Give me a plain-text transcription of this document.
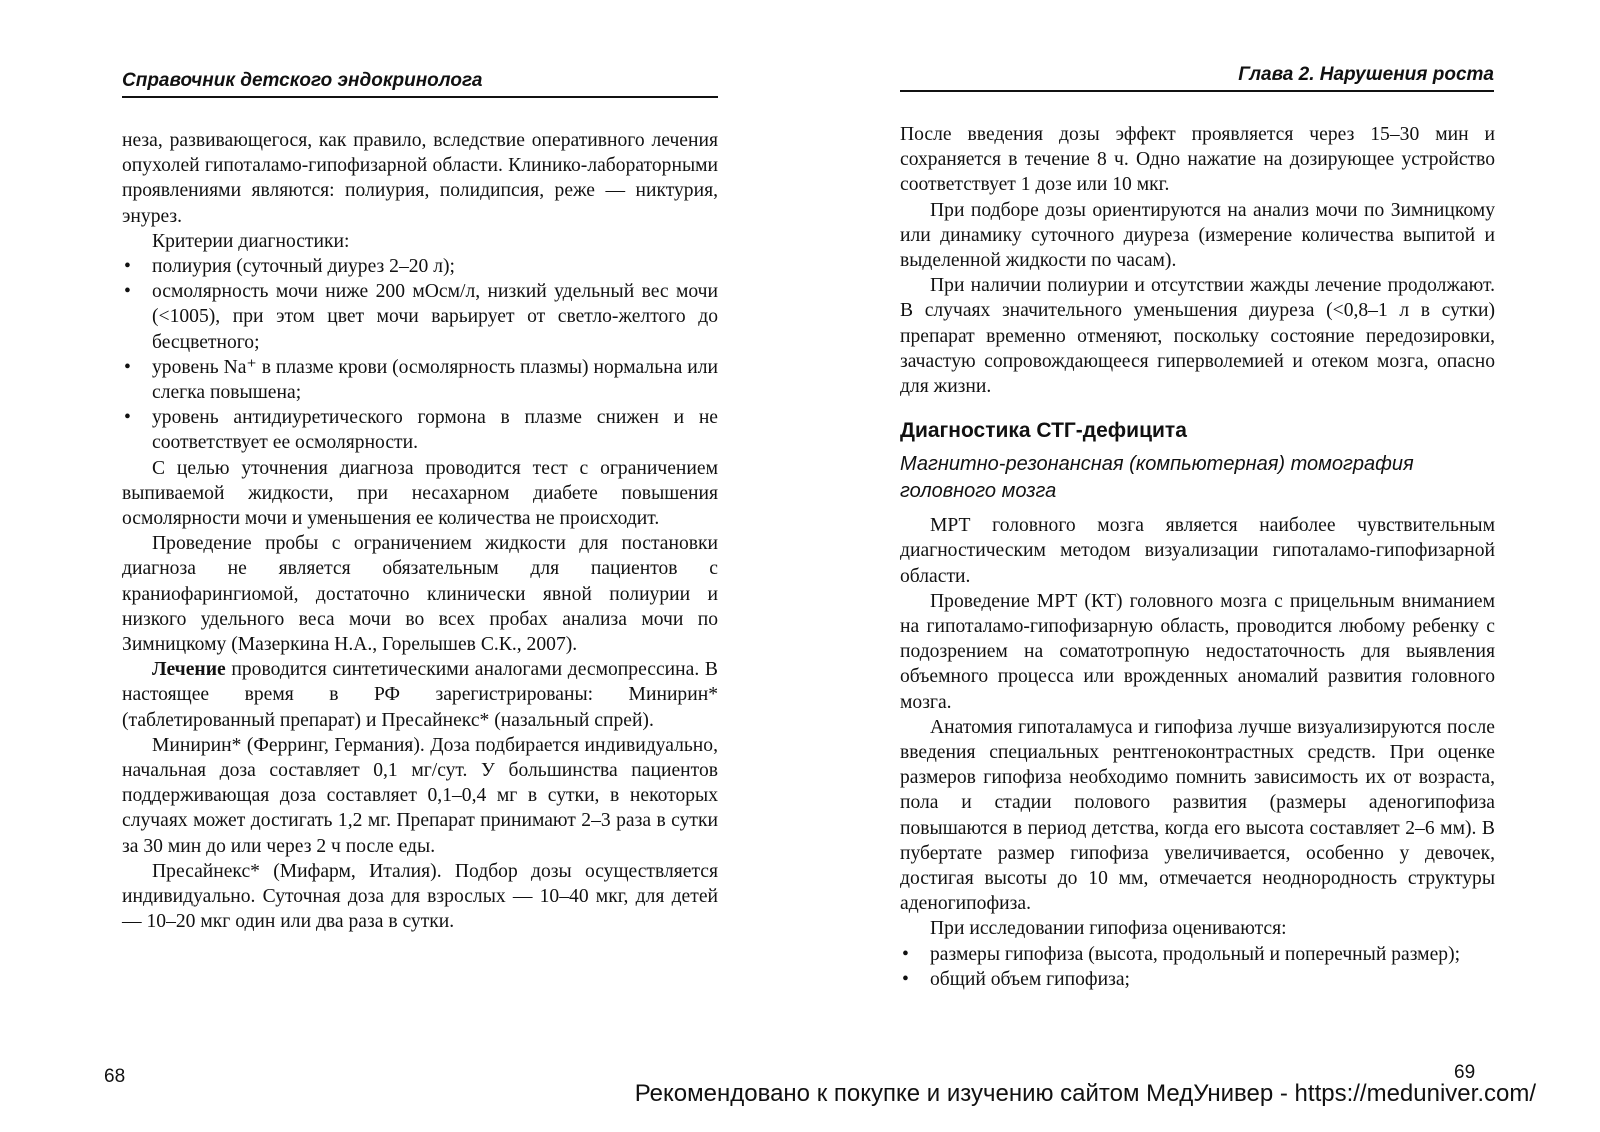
Справочник детского эндокринолога

неза, развивающегося, как правило, вследствие оперативного лечения опухолей гипоталамо-гипофизарной области. Клинико-лабораторными проявлениями являются: полиурия, полидипсия, реже — никтурия, энурез.

Критерии диагностики:

• полиурия (суточный диурез 2–20 л);
• осмолярность мочи ниже 200 мОсм/л, низкий удельный вес мочи (<1005), при этом цвет мочи варьирует от светло-желтого до бесцветного;
• уровень Na⁺ в плазме крови (осмолярность плазмы) нормальна или слегка повышена;
• уровень антидиуретического гормона в плазме снижен и не соответствует ее осмолярности.

С целью уточнения диагноза проводится тест с ограничением выпиваемой жидкости, при несахарном диабете повышения осмолярности мочи и уменьшения ее количества не происходит.

Проведение пробы с ограничением жидкости для постановки диагноза не является обязательным для пациентов с краниофарингиомой, достаточно клинически явной полиурии и низкого удельного веса мочи во всех пробах анализа мочи по Зимницкому (Мазеркина Н.А., Горелышев С.К., 2007).

Лечение проводится синтетическими аналогами десмопрессина. В настоящее время в РФ зарегистрированы: Минирин* (таблетированный препарат) и Пресайнекс* (назальный спрей).

Минирин* (Ферринг, Германия). Доза подбирается индивидуально, начальная доза составляет 0,1 мг/сут. У большинства пациентов поддерживающая доза составляет 0,1–0,4 мг в сутки, в некоторых случаях может достигать 1,2 мг. Препарат принимают 2–3 раза в сутки за 30 мин до или через 2 ч после еды.

Пресайнекс* (Мифарм, Италия). Подбор дозы осуществляется индивидуально. Суточная доза для взрослых — 10–40 мкг, для детей — 10–20 мкг один или два раза в сутки.

68
Глава 2. Нарушения роста

После введения дозы эффект проявляется через 15–30 мин и сохраняется в течение 8 ч. Одно нажатие на дозирующее устройство соответствует 1 дозе или 10 мкг.

При подборе дозы ориентируются на анализ мочи по Зимницкому или динамику суточного диуреза (измерение количества выпитой и выделенной жидкости по часам).

При наличии полиурии и отсутствии жажды лечение продолжают. В случаях значительного уменьшения диуреза (<0,8–1 л в сутки) препарат временно отменяют, поскольку состояние передозировки, зачастую сопровождающееся гиперволемией и отеком мозга, опасно для жизни.

Диагностика СТГ-дефицита
Магнитно-резонансная (компьютерная) томография головного мозга

МРТ головного мозга является наиболее чувствительным диагностическим методом визуализации гипоталамо-гипофизарной области.

Проведение МРТ (КТ) головного мозга с прицельным вниманием на гипоталамо-гипофизарную область, проводится любому ребенку с подозрением на соматотропную недостаточность для выявления объемного процесса или врожденных аномалий развития головного мозга.

Анатомия гипоталамуса и гипофиза лучше визуализируются после введения специальных рентгеноконтрастных средств. При оценке размеров гипофиза необходимо помнить зависимость их от возраста, пола и стадии полового развития (размеры аденогипофиза повышаются в период детства, когда его высота составляет 2–6 мм). В пубертате размер гипофиза увеличивается, особенно у девочек, достигая высоты до 10 мм, отмечается неоднородность структуры аденогипофиза.

При исследовании гипофиза оцениваются:

• размеры гипофиза (высота, продольный и поперечный размер);
• общий объем гипофиза;
69
Рекомендовано к покупке и изучению сайтом МедУнивер - https://meduniver.com/
